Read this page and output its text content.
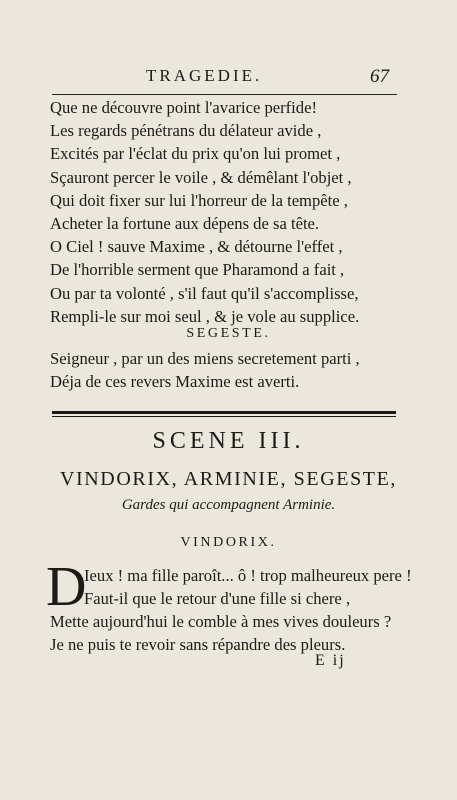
TRAGEDIE.	67
Que ne découvre point l'avarice perfide!
Les regards pénétrans du délateur avide ,
Excités par l'éclat du prix qu'on lui promet ,
Sçauront percer le voile , & démêlant l'objet ,
Qui doit fixer sur lui l'horreur de la tempête ,
Acheter la fortune aux dépens de sa tête.
O Ciel ! sauve Maxime , & détourne l'effet ,
De l'horrible serment que Pharamond a fait ,
Ou par ta volonté , s'il faut qu'il s'accomplisse,
Rempli-le sur moi seul , & je vole au supplice.
SEGESTE.
Seigneur , par un des miens secretement parti ,
Déja de ces revers Maxime est averti.
SCENE III.
VINDORIX, ARMINIE, SEGESTE,
Gardes qui accompagnent Arminie.
VINDORIX.
D
Ieux ! ma fille paroît... ô ! trop malheureux pere !
Faut-il que le retour d'une fille si chere ,
Mette aujourd'hui le comble à mes vives douleurs ?
Je ne puis te revoir sans répandre des pleurs.
E ij
